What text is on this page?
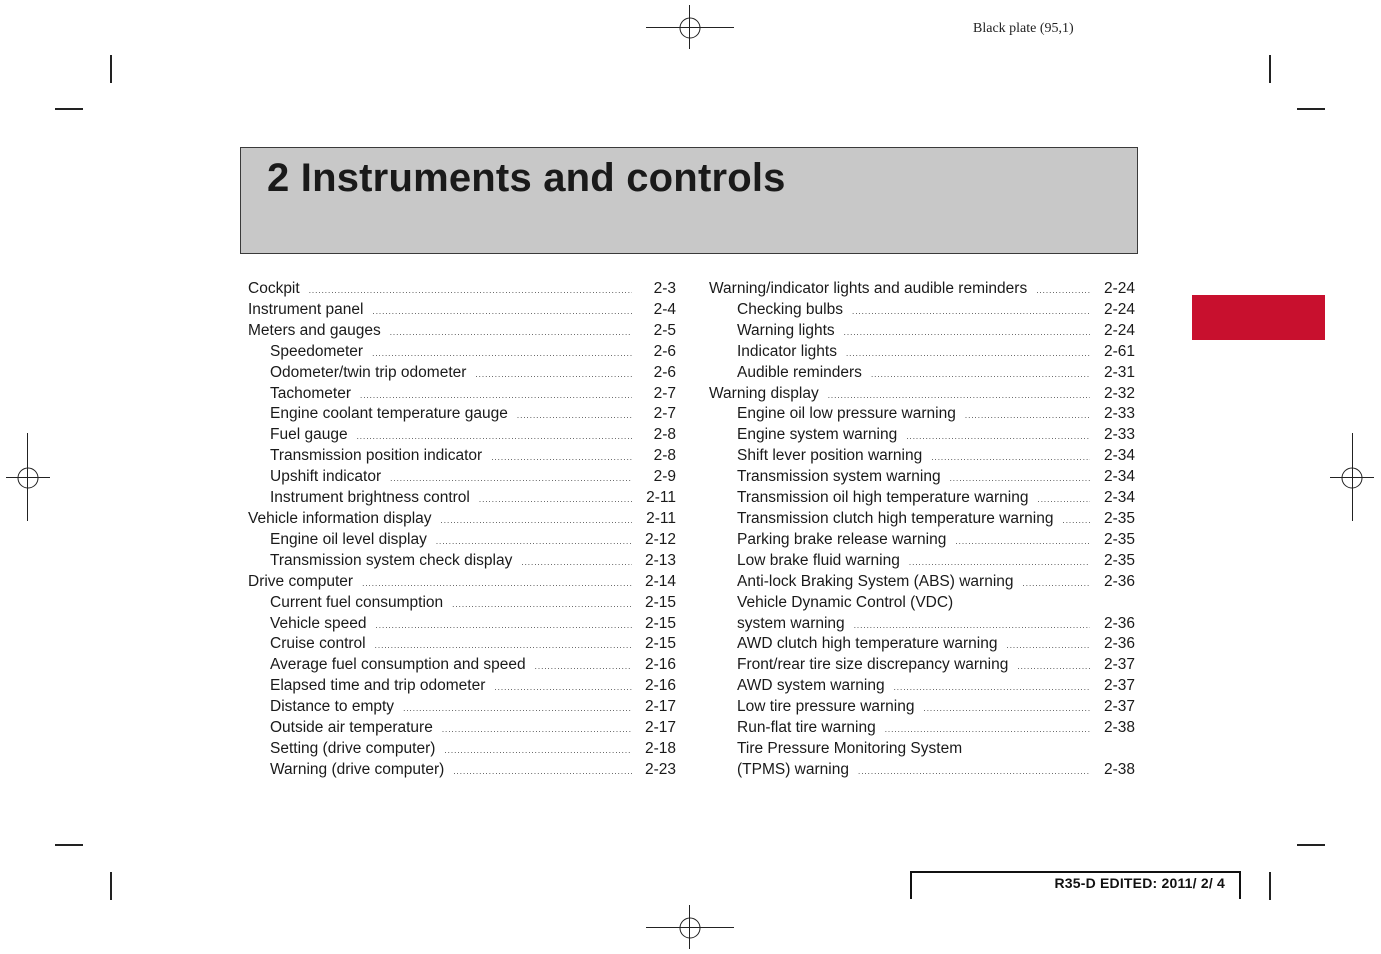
Black plate (95,1)
2 Instruments and controls
Cockpit .....	2-3
Instrument panel .....	2-4
Meters and gauges .....	2-5
Speedometer .....	2-6
Odometer/twin trip odometer .....	2-6
Tachometer .....	2-7
Engine coolant temperature gauge .....	2-7
Fuel gauge .....	2-8
Transmission position indicator .....	2-8
Upshift indicator .....	2-9
Instrument brightness control .....	2-11
Vehicle information display .....	2-11
Engine oil level display .....	2-12
Transmission system check display .....	2-13
Drive computer .....	2-14
Current fuel consumption .....	2-15
Vehicle speed .....	2-15
Cruise control .....	2-15
Average fuel consumption and speed .....	2-16
Elapsed time and trip odometer .....	2-16
Distance to empty .....	2-17
Outside air temperature .....	2-17
Setting (drive computer) .....	2-18
Warning (drive computer) .....	2-23
Warning/indicator lights and audible reminders .....	2-24
Checking bulbs .....	2-24
Warning lights .....	2-24
Indicator lights .....	2-61
Audible reminders .....	2-31
Warning display .....	2-32
Engine oil low pressure warning .....	2-33
Engine system warning .....	2-33
Shift lever position warning .....	2-34
Transmission system warning .....	2-34
Transmission oil high temperature warning .....	2-34
Transmission clutch high temperature warning .....	2-35
Parking brake release warning .....	2-35
Low brake fluid warning .....	2-35
Anti-lock Braking System (ABS) warning .....	2-36
Vehicle Dynamic Control (VDC)
system warning .....	2-36
AWD clutch high temperature warning .....	2-36
Front/rear tire size discrepancy warning .....	2-37
AWD system warning .....	2-37
Low tire pressure warning .....	2-37
Run-flat tire warning .....	2-38
Tire Pressure Monitoring System
(TPMS) warning .....	2-38
R35-D EDITED: 2011/ 2/ 4
